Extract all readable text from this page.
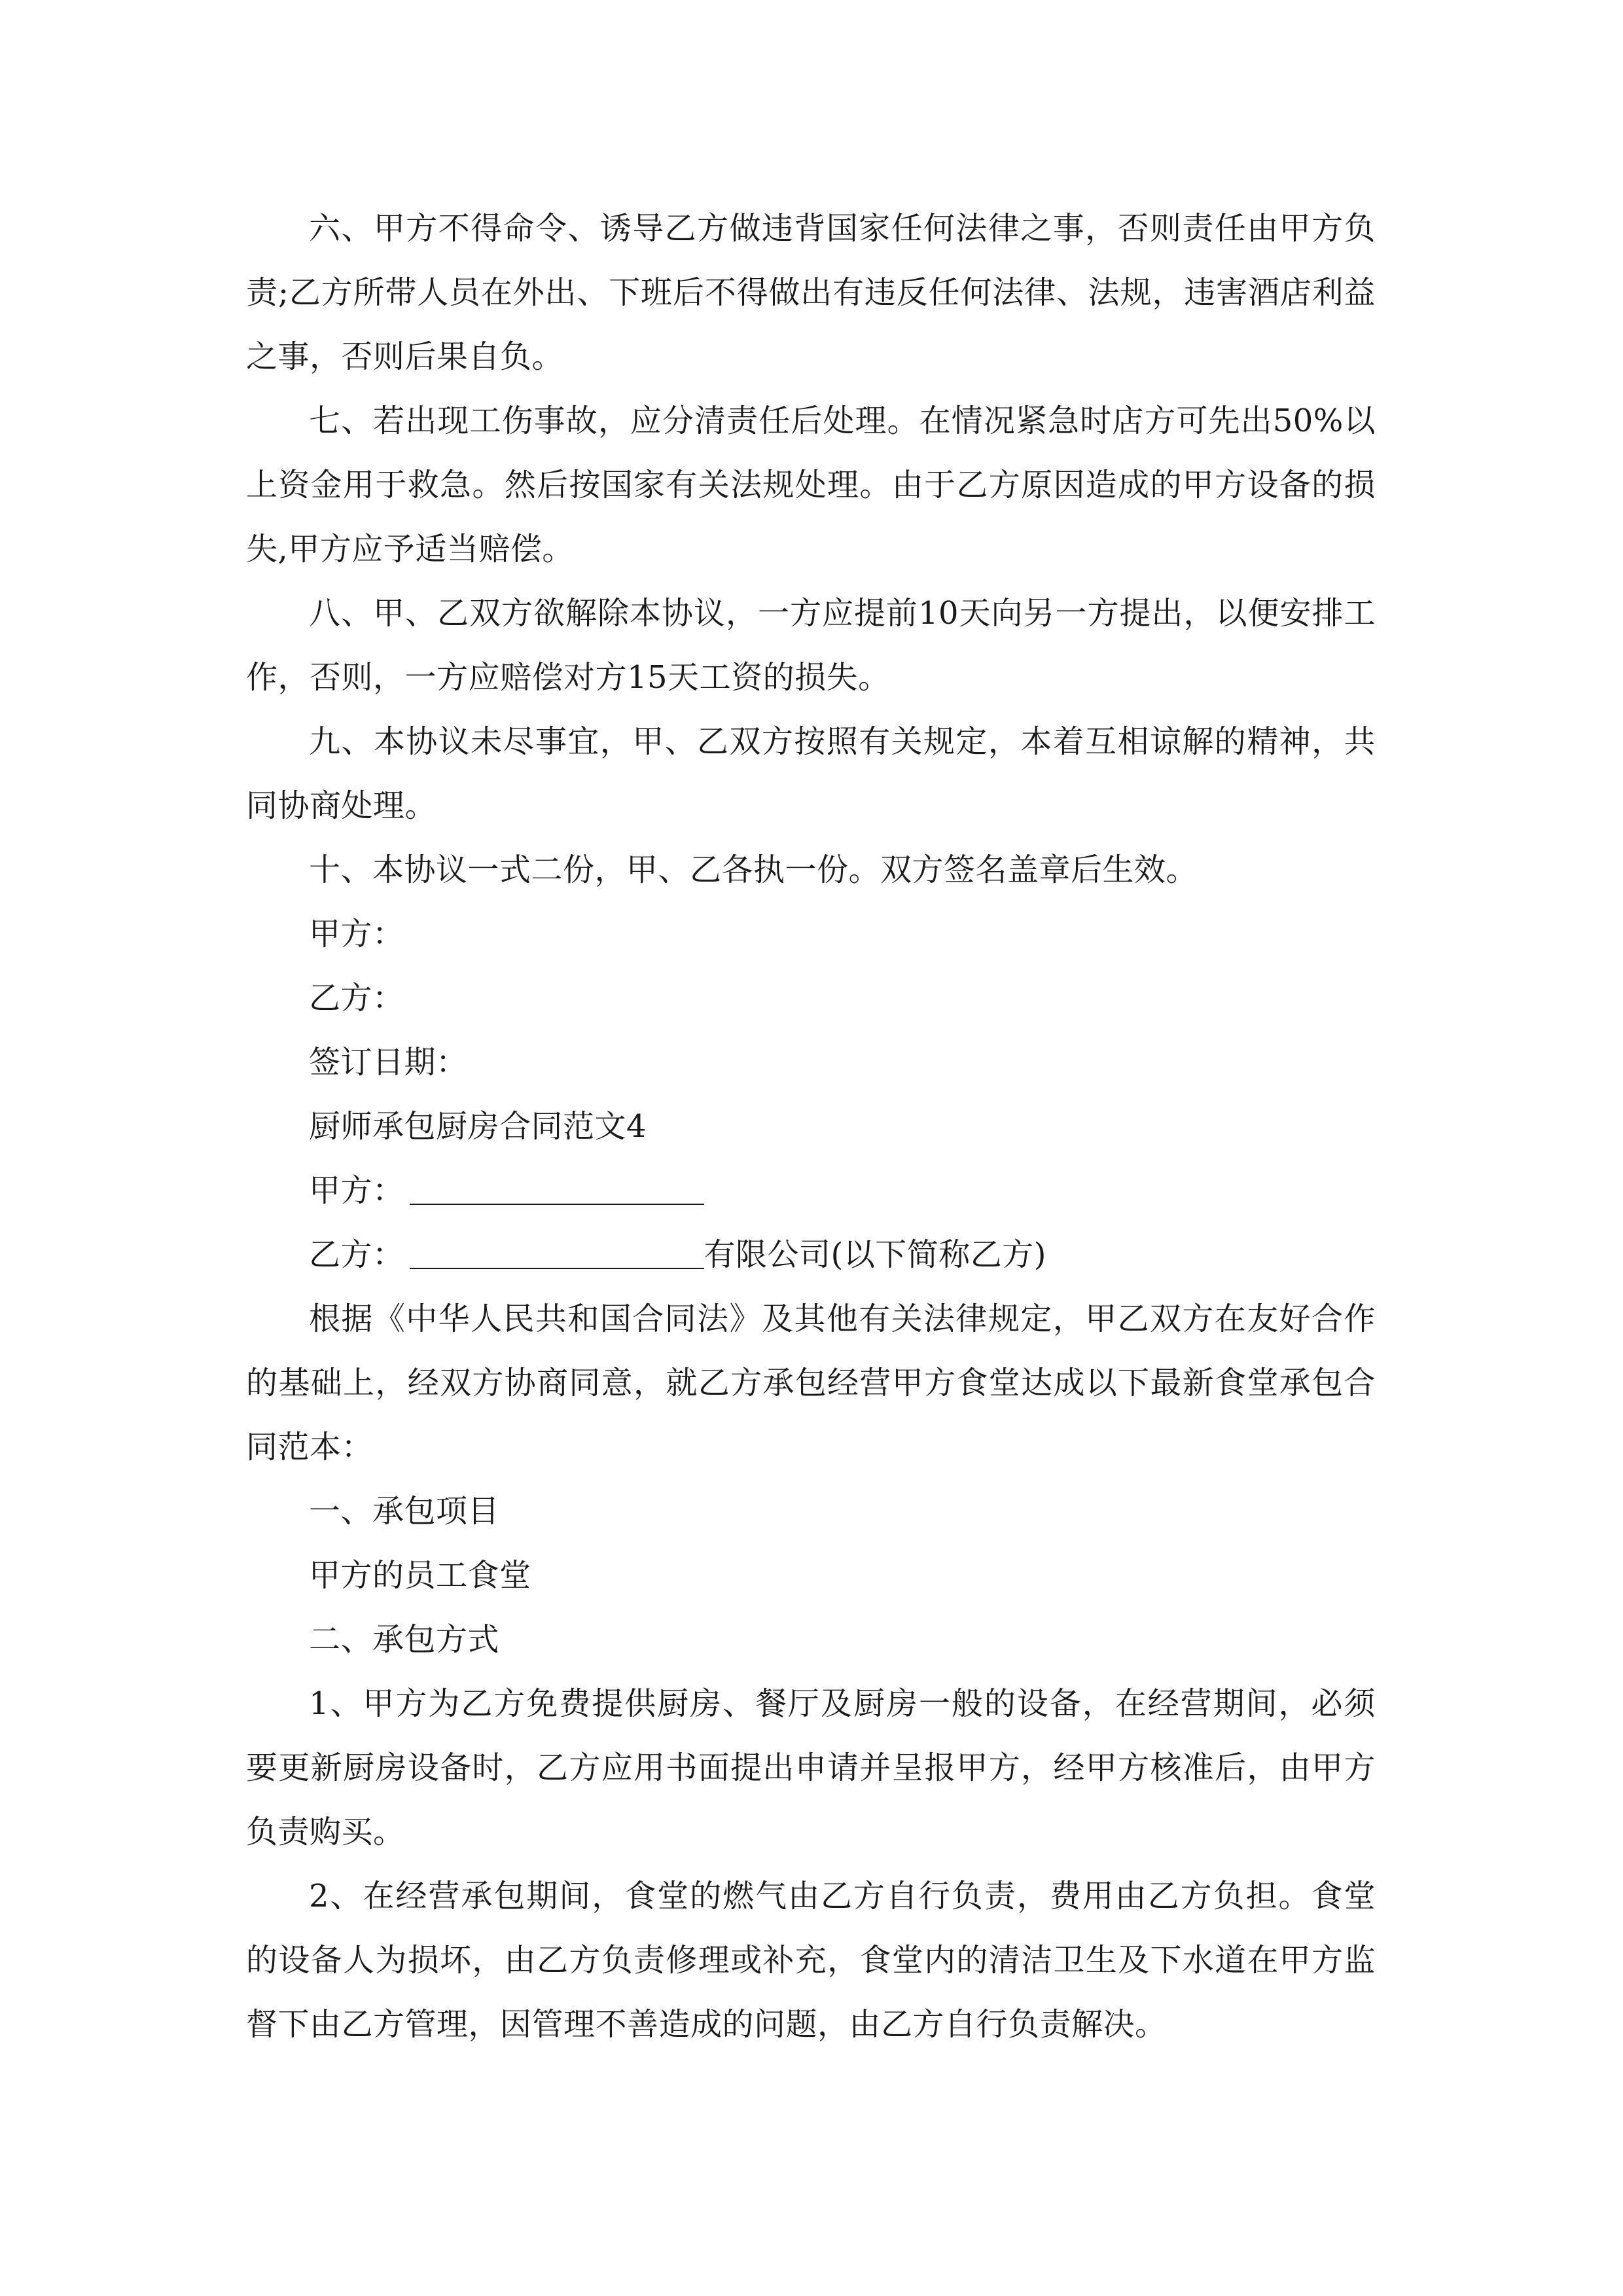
六、甲方不得命令、诱导乙方做违背国家任何法律之事，否则责任由甲方负责;乙方所带人员在外出、下班后不得做出有违反任何法律、法规，违害酒店利益之事，否则后果自负。

七、若出现工伤事故，应分清责任后处理。在情况紧急时店方可先出50%以上资金用于救急。然后按国家有关法规处理。由于乙方原因造成的甲方设备的损失,甲方应予适当赔偿。

八、甲、乙双方欲解除本协议，一方应提前10天向另一方提出，以便安排工作，否则，一方应赔偿对方15天工资的损失。

九、本协议未尽事宜，甲、乙双方按照有关规定，本着互相谅解的精神，共同协商处理。

十、本协议一式二份，甲、乙各执一份。双方签名盖章后生效。

甲方：

乙方：

签订日期：

厨师承包厨房合同范文4

甲方：

乙方：	有限公司(以下简称乙方)

根据《中华人民共和国合同法》及其他有关法律规定，甲乙双方在友好合作的基础上，经双方协商同意，就乙方承包经营甲方食堂达成以下最新食堂承包合同范本：

一、承包项目

甲方的员工食堂

二、承包方式

1、甲方为乙方免费提供厨房、餐厅及厨房一般的设备，在经营期间，必须要更新厨房设备时，乙方应用书面提出申请并呈报甲方，经甲方核准后，由甲方负责购买。

2、在经营承包期间，食堂的燃气由乙方自行负责，费用由乙方负担。食堂的设备人为损坏，由乙方负责修理或补充，食堂内的清洁卫生及下水道在甲方监督下由乙方管理，因管理不善造成的问题，由乙方自行负责解决。
